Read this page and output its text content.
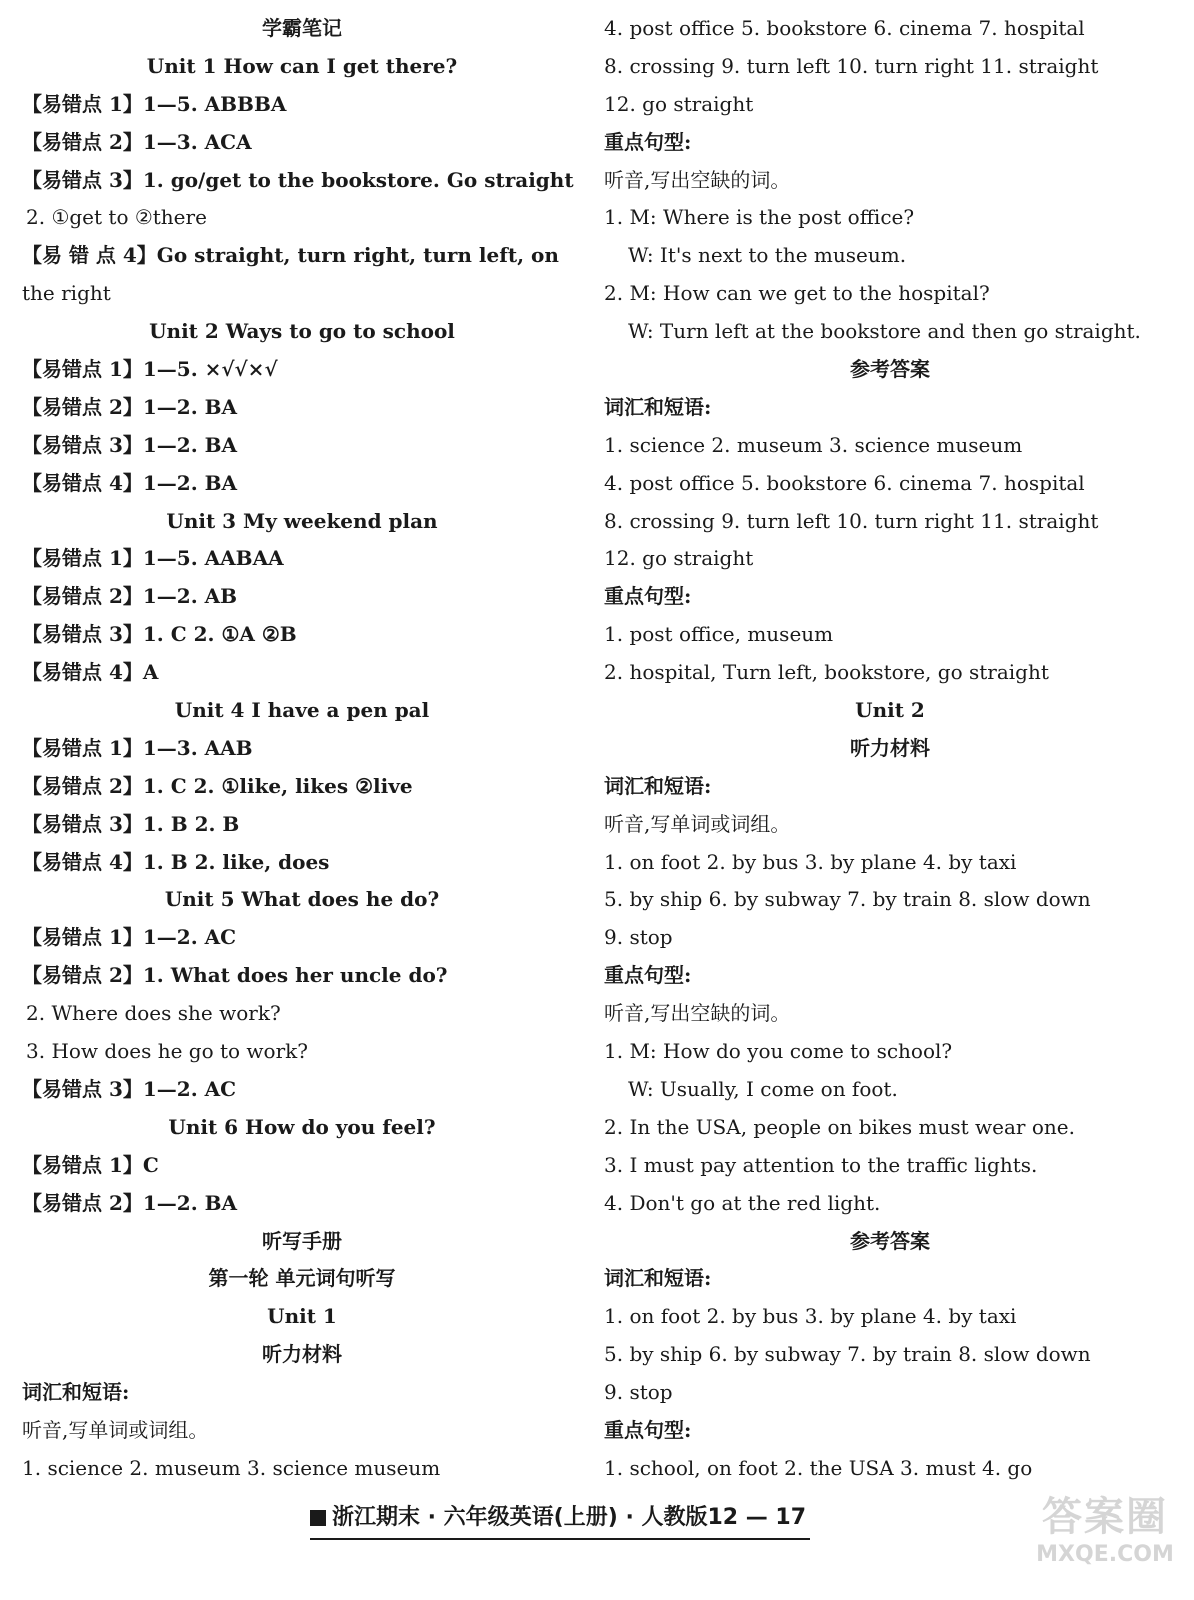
学霸笔记
Unit 1 How can I get there?
【易错点 1】1—5. ABBBA
【易错点 2】1—3. ACA
【易错点 3】1. go/get to the bookstore. Go straight
2. ①get to ②there
【易 错 点 4】Go straight, turn right, turn left, on
the right
Unit 2 Ways to go to school
【易错点 1】1—5. ×√√×√
【易错点 2】1—2. BA
【易错点 3】1—2. BA
【易错点 4】1—2. BA
Unit 3 My weekend plan
【易错点 1】1—5. AABAA
【易错点 2】1—2. AB
【易错点 3】1. C 2. ①A ②B
【易错点 4】A
Unit 4 I have a pen pal
【易错点 1】1—3. AAB
【易错点 2】1. C 2. ①like, likes ②live
【易错点 3】1. B 2. B
【易错点 4】1. B 2. like, does
Unit 5 What does he do?
【易错点 1】1—2. AC
【易错点 2】1. What does her uncle do?
2. Where does she work?
3. How does he go to work?
【易错点 3】1—2. AC
Unit 6 How do you feel?
【易错点 1】C
【易错点 2】1—2. BA
听写手册
第一轮 单元词句听写
Unit 1
听力材料
词汇和短语:
听音,写单词或词组。
1. science 2. museum 3. science museum
4. post office 5. bookstore 6. cinema 7. hospital
8. crossing 9. turn left 10. turn right 11. straight
12. go straight
重点句型:
听音,写出空缺的词。
1. M: Where is the post office?
W: It's next to the museum.
2. M: How can we get to the hospital?
W: Turn left at the bookstore and then go straight.
参考答案
词汇和短语:
1. science 2. museum 3. science museum
4. post office 5. bookstore 6. cinema 7. hospital
8. crossing 9. turn left 10. turn right 11. straight
12. go straight
重点句型:
1. post office, museum
2. hospital, Turn left, bookstore, go straight
Unit 2
听力材料
词汇和短语:
听音,写单词或词组。
1. on foot 2. by bus 3. by plane 4. by taxi
5. by ship 6. by subway 7. by train 8. slow down
9. stop
重点句型:
听音,写出空缺的词。
1. M: How do you come to school?
W: Usually, I come on foot.
2. In the USA, people on bikes must wear one.
3. I must pay attention to the traffic lights.
4. Don't go at the red light.
参考答案
词汇和短语:
1. on foot 2. by bus 3. by plane 4. by taxi
5. by ship 6. by subway 7. by train 8. slow down
9. stop
重点句型:
1. school, on foot 2. the USA 3. must 4. go
浙江期末 · 六年级英语(上册) · 人教版12 — 17	答案圈
MXQE.COM
